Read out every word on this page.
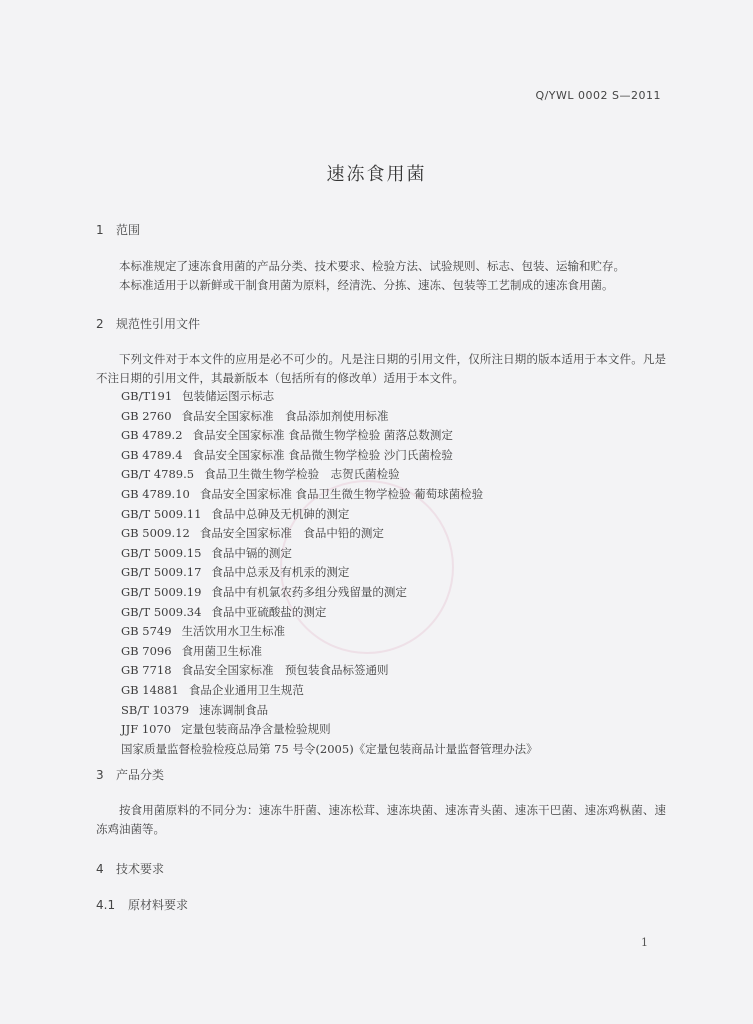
Q/YWL 0002 S—2011
速冻食用菌
1 范围
本标准规定了速冻食用菌的产品分类、技术要求、检验方法、试验规则、标志、包装、运输和贮存。
本标准适用于以新鲜或干制食用菌为原料，经清洗、分拣、速冻、包装等工艺制成的速冻食用菌。
2 规范性引用文件
下列文件对于本文件的应用是必不可少的。凡是注日期的引用文件，仅所注日期的版本适用于本文件。凡是不注日期的引用文件，其最新版本（包括所有的修改单）适用于本文件。
GB/T191 包装储运图示标志
GB 2760 食品安全国家标准　食品添加剂使用标准
GB 4789.2 食品安全国家标准 食品微生物学检验 菌落总数测定
GB 4789.4 食品安全国家标准 食品微生物学检验 沙门氏菌检验
GB/T 4789.5 食品卫生微生物学检验　志贺氏菌检验
GB 4789.10 食品安全国家标准 食品卫生微生物学检验 葡萄球菌检验
GB/T 5009.11 食品中总砷及无机砷的测定
GB 5009.12 食品安全国家标准　食品中铅的测定
GB/T 5009.15 食品中镉的测定
GB/T 5009.17 食品中总汞及有机汞的测定
GB/T 5009.19 食品中有机氯农药多组分残留量的测定
GB/T 5009.34 食品中亚硫酸盐的测定
GB 5749 生活饮用水卫生标准
GB 7096 食用菌卫生标准
GB 7718 食品安全国家标准　预包装食品标签通则
GB 14881 食品企业通用卫生规范
SB/T 10379 速冻调制食品
JJF 1070 定量包装商品净含量检验规则
国家质量监督检验检疫总局第 75 号令(2005)《定量包装商品计量监督管理办法》
3 产品分类
按食用菌原料的不同分为：速冻牛肝菌、速冻松茸、速冻块菌、速冻青头菌、速冻干巴菌、速冻鸡枞菌、速冻鸡油菌等。
4 技术要求
4.1 原材料要求
1
